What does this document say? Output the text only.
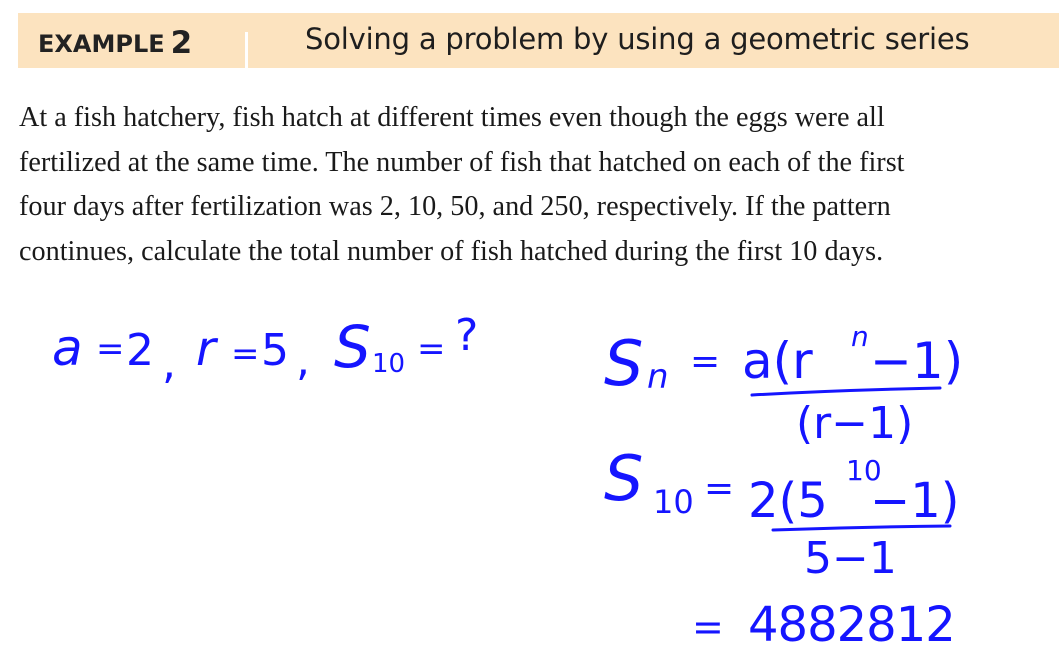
EXAMPLE 2	Solving a problem by using a geometric series
At a fish hatchery, fish hatch at different times even though the eggs were all
fertilized at the same time. The number of fish that hatched on each of the first
four days after fertilization was 2, 10, 50, and 250, respectively. If the pattern
continues, calculate the total number of fish hatched during the first 10 days.
a = 2 , r = 5 , S 10 = ? S n = a(r n −1)
(r−1)
S 10 = 2(5
10
−1)
5−1
= 4882812
